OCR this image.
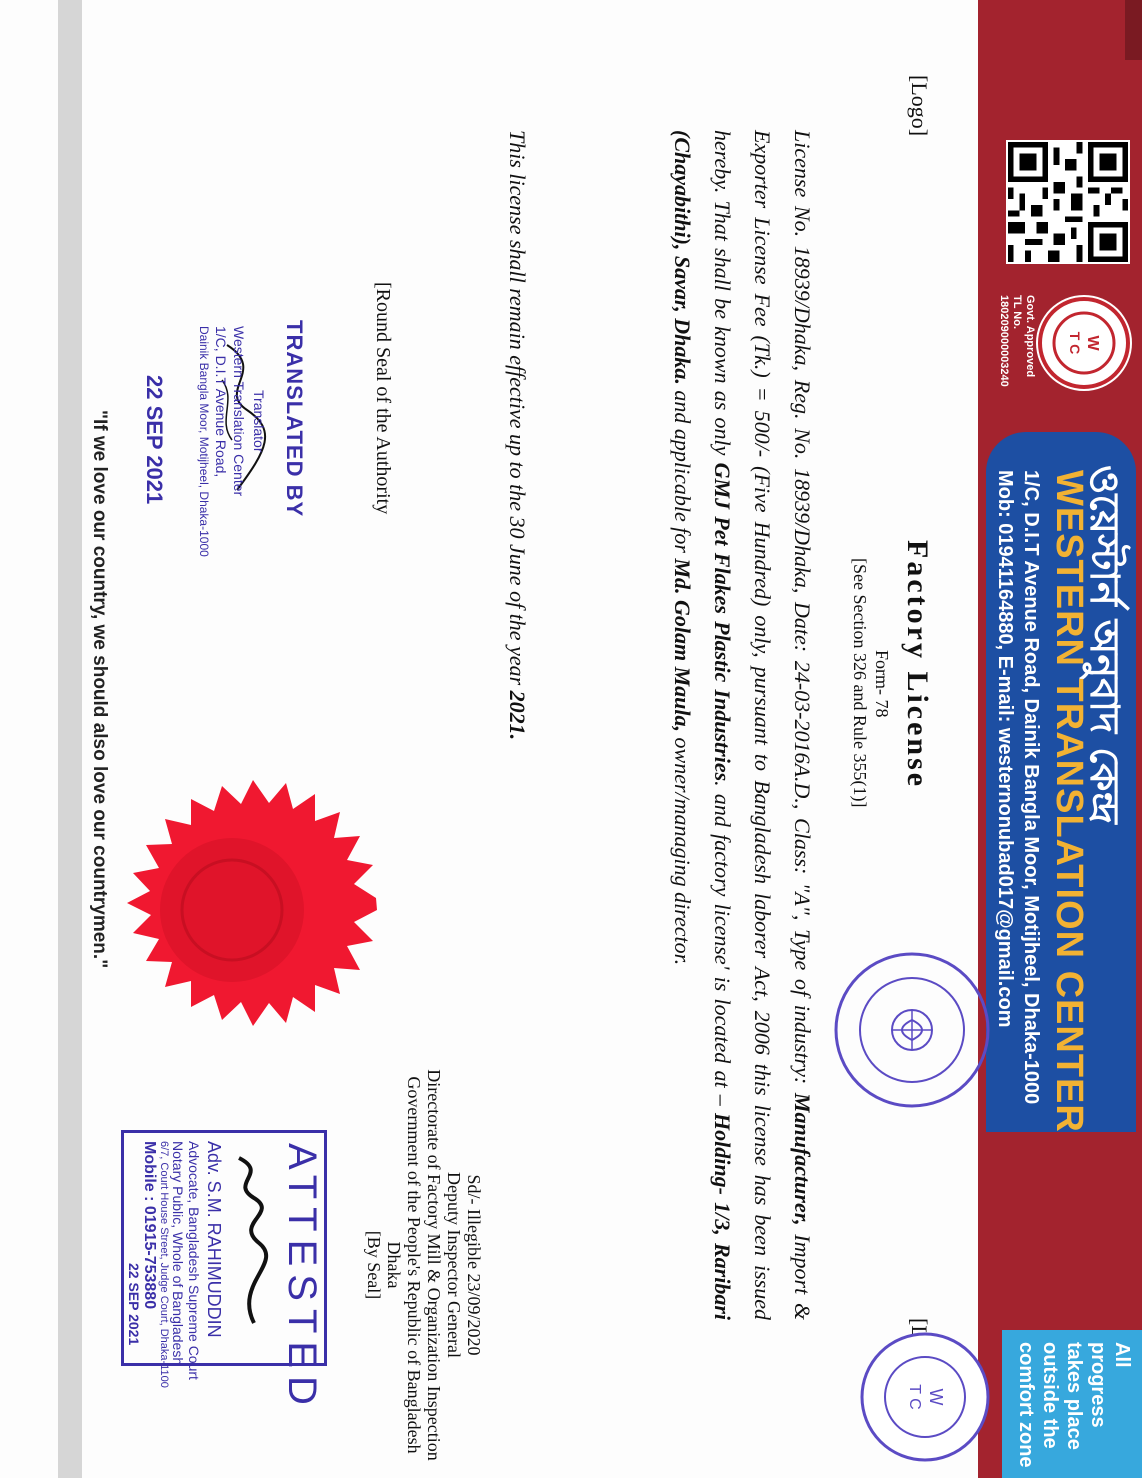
W
T C
Govt. Approved
TL No.
180209000003240
ওয়েস্টার্ন অনুবাদ কেন্দ্র
WESTERN TRANSLATION CENTER
1/C, D.I.T Avenue Road, Dainik Bangla Moor, Motijheel, Dhaka-1000
Mob: 01941164880, E-mail: westernonubad017@gmail.com
All
progress
takes place
outside the
comfort zone
[Logo]
Factory License
Form- 78
[See Section 326 and Rule 355(1)]
License No. 18939/Dhaka, Reg. No. 18939/Dhaka, Date: 24-03-2016A.D., Class: "A", Type of industry: Manufacturer, Import & Exporter License Fee (Tk.) = 500/- (Five Hundred) only, pursuant to Bangladesh laborer Act, 2006 this license has been issued hereby. That shall be known as only GMJ Pet Flakes Plastic Industries. and factory license' is located at – Holding- 1/3, Raribari (Chayabithi), Savar, Dhaka. and applicable for Md. Golam Maula, owner/managing director.
This license shall remain effective up to the 30 June of the year 2021.
[Round Seal of the Authority
Sd/- Illegible 23/09/2020
Deputy Inspector General
Directorate of Factory Mill & Organization Inspection
Government of the People's Republic of Bangladesh
Dhaka
[By Seal]
"If we love our country, we should also love our countrymen."	TRANSLATED BY
Translator
Western Translation Center
1/C, D.I.T Avenue Road,
Dainik Bangla Moor, Motijheel, Dhaka-1000
22 SEP 2021
ATTESTED
Adv. S.M. RAHIMUDDIN
Advocate, Bangladesh Supreme Court
Notary Public, Whole of Bangladesh
6/7, Court House Street, Judge Court, Dhaka-1100
Mobile : 01915-753880
22 SEP 2021
W
T C
